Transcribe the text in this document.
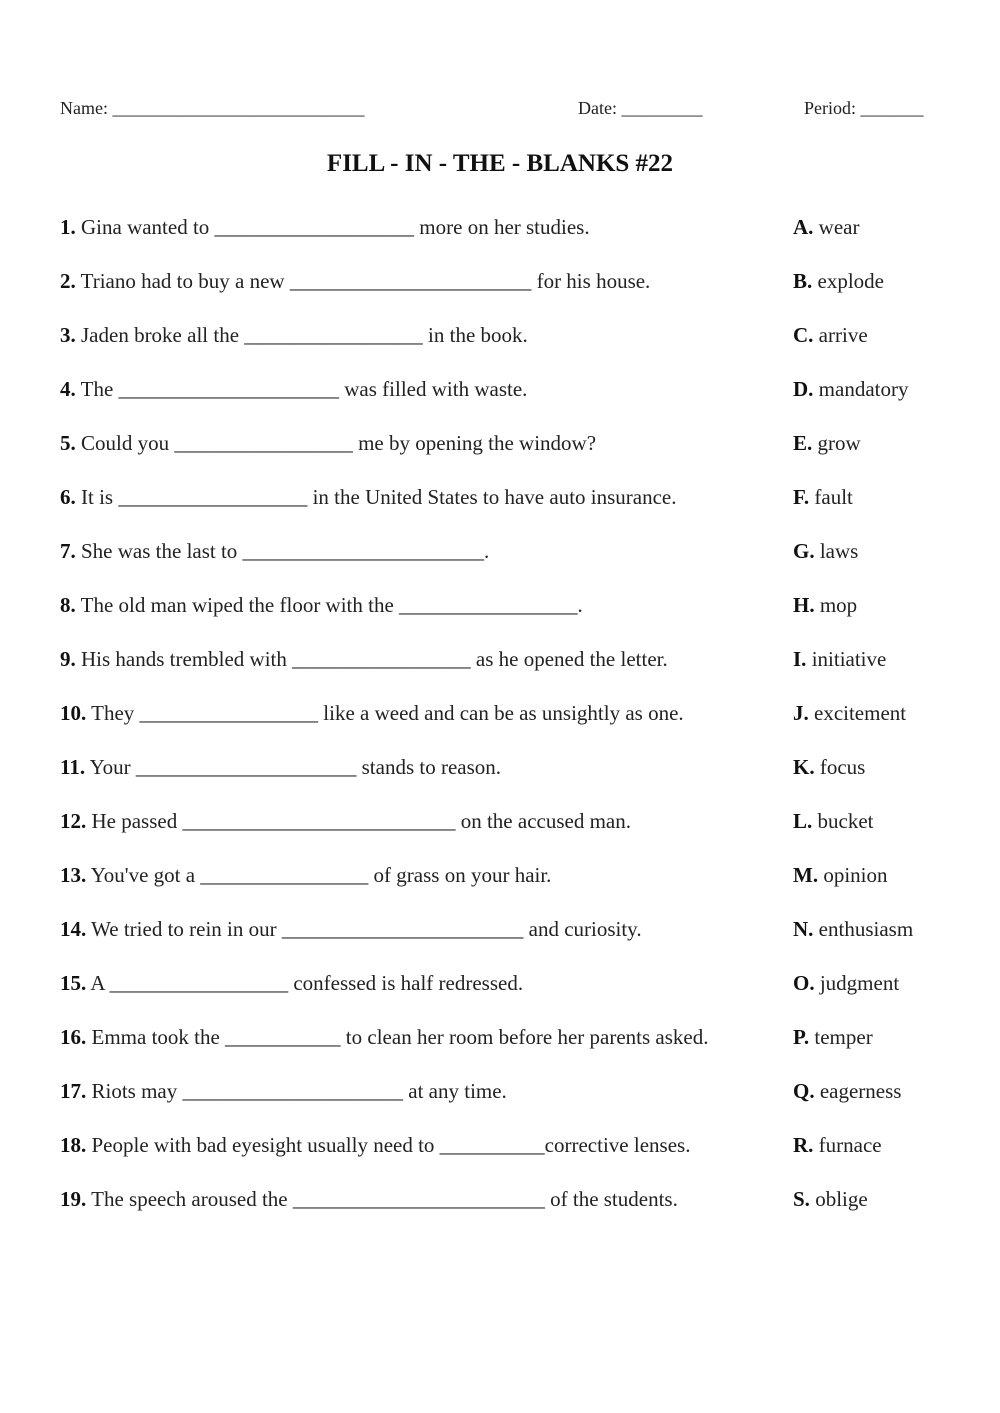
Name: ____________________________	Date: _________	Period: _______
FILL - IN - THE - BLANKS #22
1. Gina wanted to ___________________ more on her studies.	A. wear
2. Triano had to buy a new _______________________ for his house.	B. explode
3. Jaden broke all the _________________ in the book.	C. arrive
4. The _____________________ was filled with waste.	D. mandatory
5. Could you _________________ me by opening the window?	E. grow
6. It is __________________ in the United States to have auto insurance.	F. fault
7. She was the last to _______________________.	G. laws
8. The old man wiped the floor with the _________________.	H. mop
9. His hands trembled with _________________ as he opened the letter.	I. initiative
10. They _________________ like a weed and can be as unsightly as one.	J. excitement
11. Your _____________________ stands to reason.	K. focus
12. He passed __________________________ on the accused man.	L. bucket
13. You've got a ________________ of grass on your hair.	M. opinion
14. We tried to rein in our _______________________ and curiosity.	N. enthusiasm
15. A _________________ confessed is half redressed.	O. judgment
16. Emma took the ___________ to clean her room before her parents asked.	P. temper
17. Riots may _____________________ at any time.	Q. eagerness
18. People with bad eyesight usually need to __________corrective lenses.	R. furnace
19. The speech aroused the ________________________ of the students.	S. oblige
